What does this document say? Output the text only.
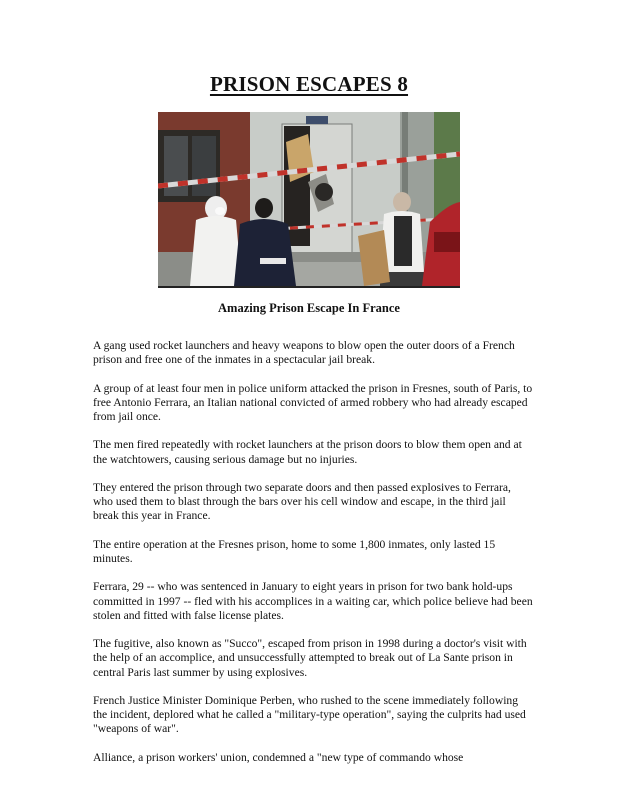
PRISON ESCAPES 8
Amazing Prison Escape In France

A gang used rocket launchers and heavy weapons to blow open the outer doors of a French prison and free one of the inmates in a spectacular jail break.

A group of at least four men in police uniform attacked the prison in Fresnes, south of Paris, to free Antonio Ferrara, an Italian national convicted of armed robbery who had already escaped from jail once.

The men fired repeatedly with rocket launchers at the prison doors to blow them open and at the watchtowers, causing serious damage but no injuries.

They entered the prison through two separate doors and then passed explosives to Ferrara, who used them to blast through the bars over his cell window and escape, in the third jail break this year in France.

The entire operation at the Fresnes prison, home to some 1,800 inmates, only lasted 15 minutes.

Ferrara, 29 -- who was sentenced in January to eight years in prison for two bank hold-ups committed in 1997 -- fled with his accomplices in a waiting car, which police believe had been stolen and fitted with false license plates.

The fugitive, also known as "Succo", escaped from prison in 1998 during a doctor's visit with the help of an accomplice, and unsuccessfully attempted to break out of La Sante prison in central Paris last summer by using explosives.

French Justice Minister Dominique Perben, who rushed to the scene immediately following the incident, deplored what he called a "military-type operation", saying the culprits had used "weapons of war".

Alliance, a prison workers' union, condemned a "new type of commando whose
